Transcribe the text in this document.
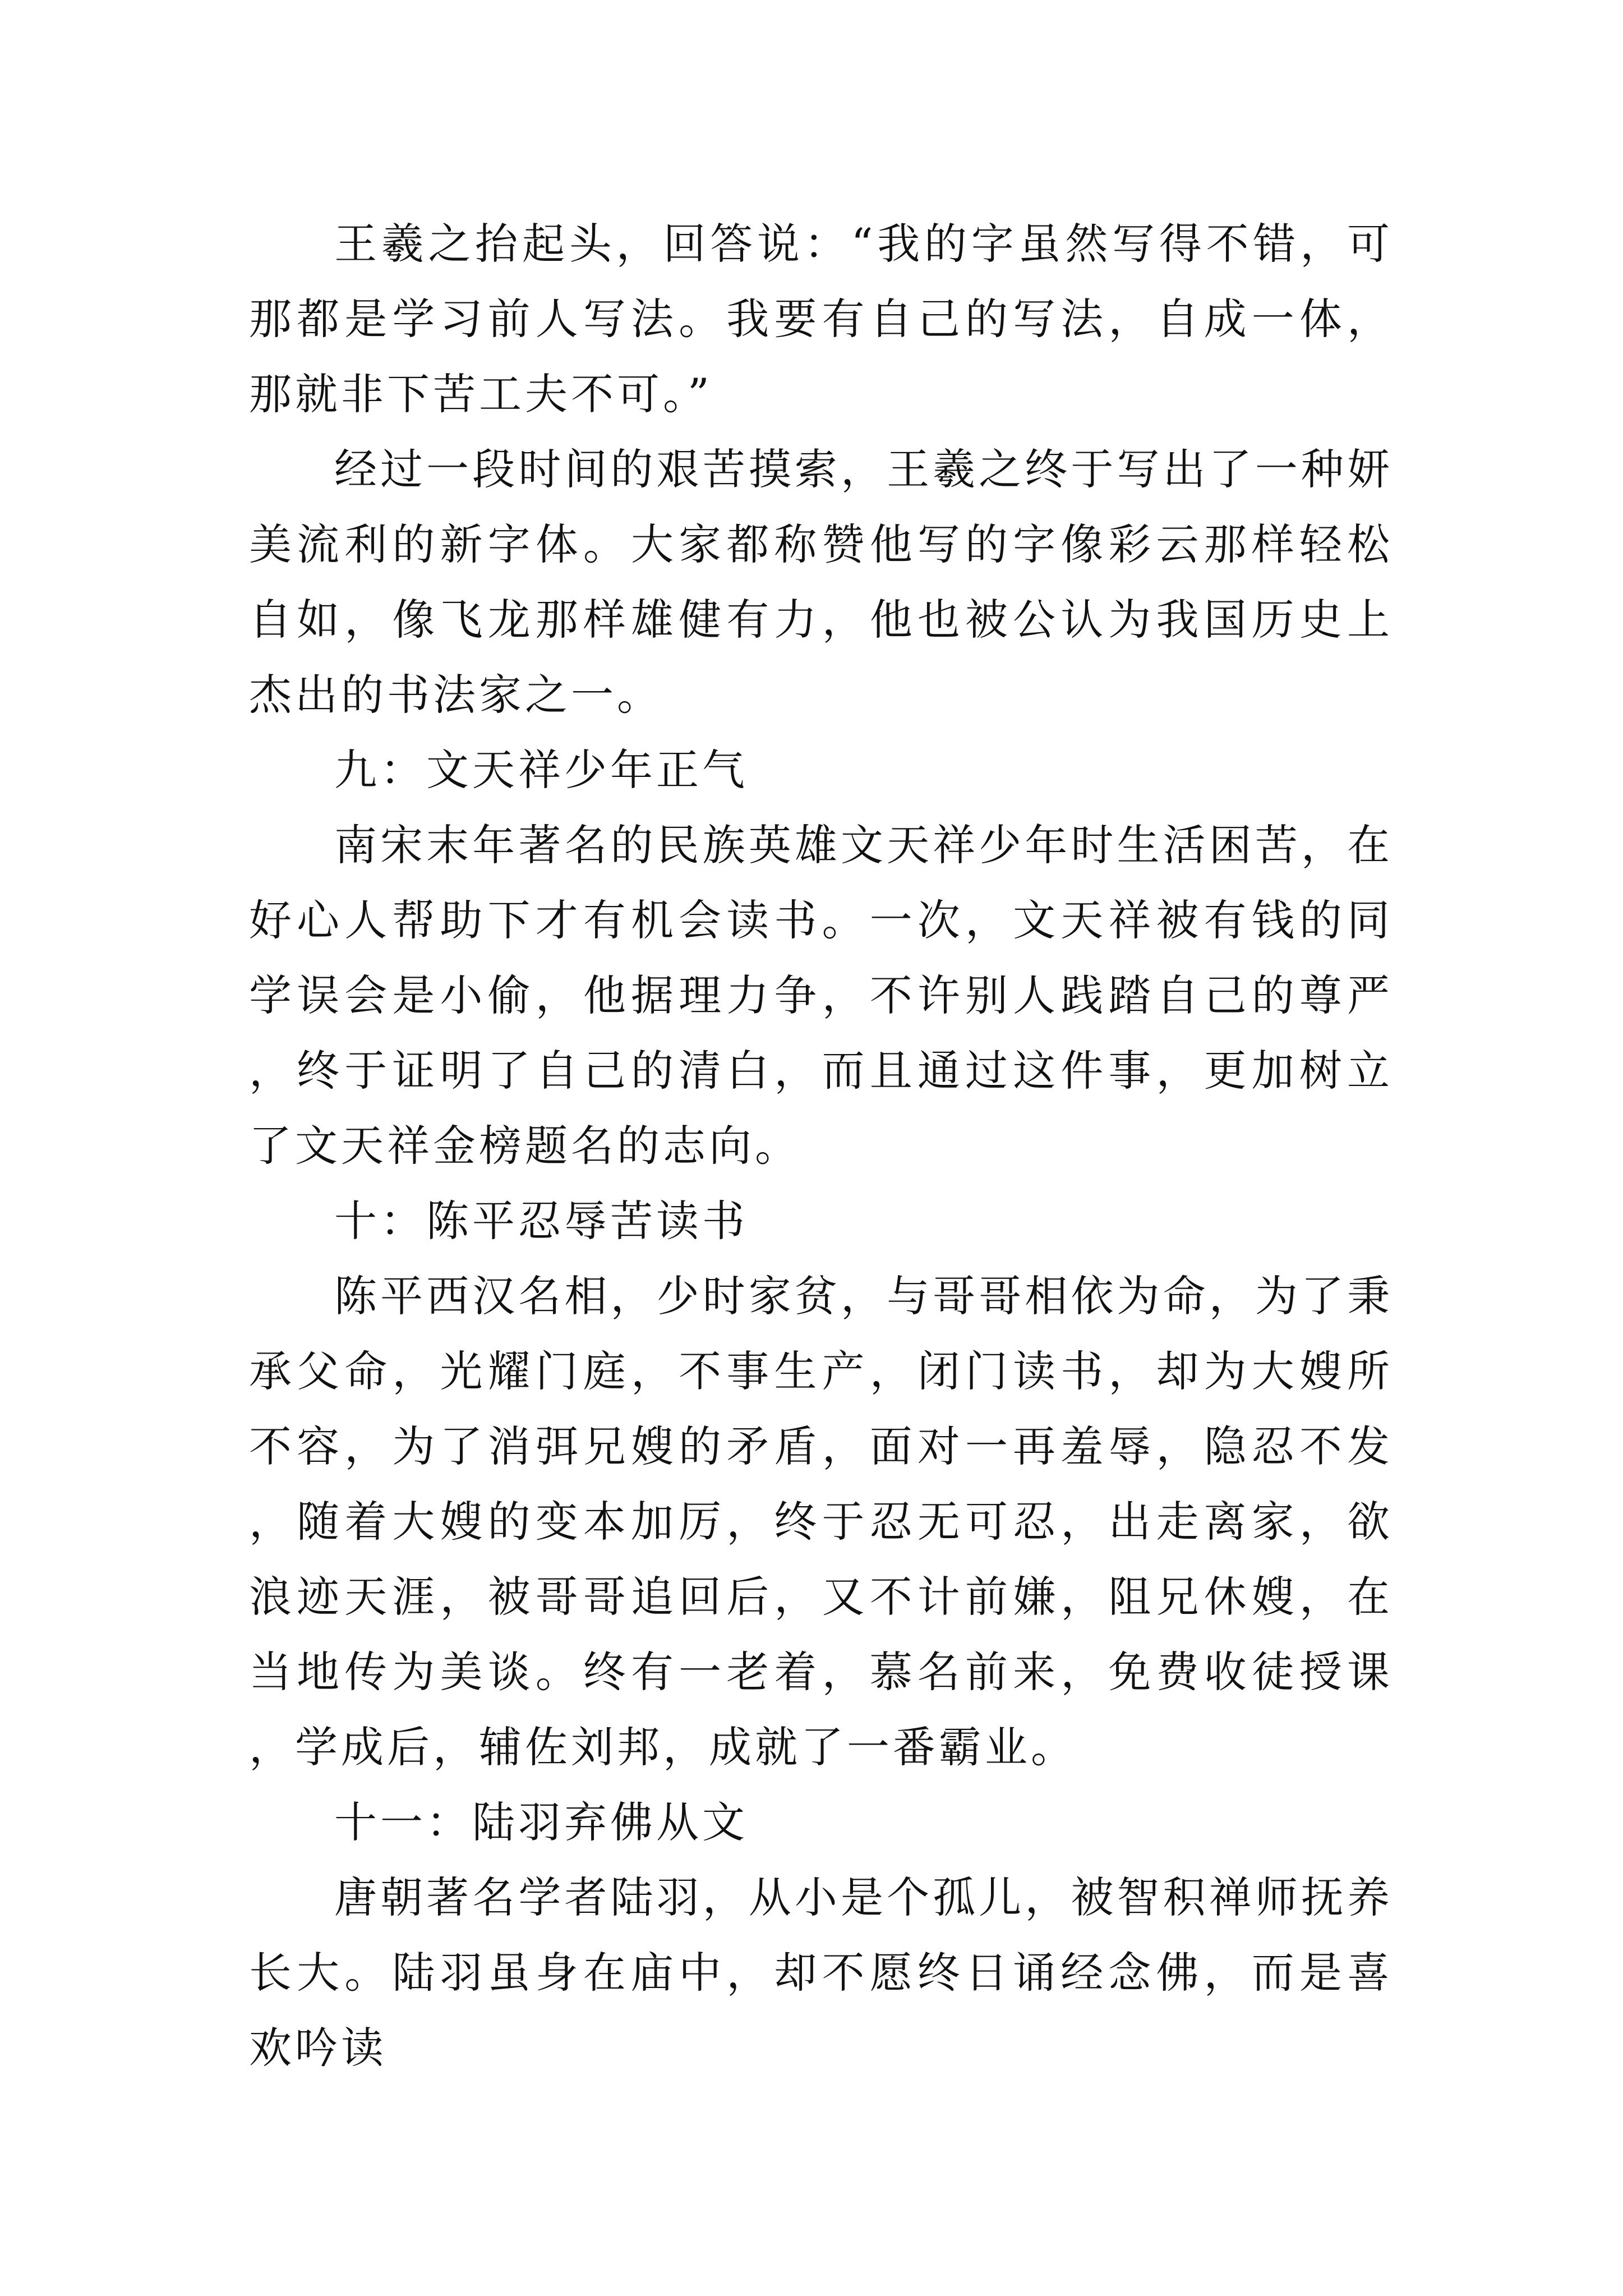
王羲之抬起头，回答说：“我的字虽然写得不错，可那都是学习前人写法。我要有自己的写法，自成一体，那就非下苦工夫不可。”

经过一段时间的艰苦摸索，王羲之终于写出了一种妍美流利的新字体。大家都称赞他写的字像彩云那样轻松自如，像飞龙那样雄健有力，他也被公认为我国历史上杰出的书法家之一。

九：文天祥少年正气

南宋末年著名的民族英雄文天祥少年时生活困苦，在好心人帮助下才有机会读书。一次，文天祥被有钱的同学误会是小偷，他据理力争，不许别人践踏自己的尊严，终于证明了自己的清白，而且通过这件事，更加树立了文天祥金榜题名的志向。

十：陈平忍辱苦读书

陈平西汉名相，少时家贫，与哥哥相依为命，为了秉承父命，光耀门庭，不事生产，闭门读书，却为大嫂所不容，为了消弭兄嫂的矛盾，面对一再羞辱，隐忍不发，随着大嫂的变本加厉，终于忍无可忍，出走离家，欲浪迹天涯，被哥哥追回后，又不计前嫌，阻兄休嫂，在当地传为美谈。终有一老着，慕名前来，免费收徒授课，学成后，辅佐刘邦，成就了一番霸业。

十一：陆羽弃佛从文

唐朝著名学者陆羽，从小是个孤儿，被智积禅师抚养长大。陆羽虽身在庙中，却不愿终日诵经念佛，而是喜欢吟读
